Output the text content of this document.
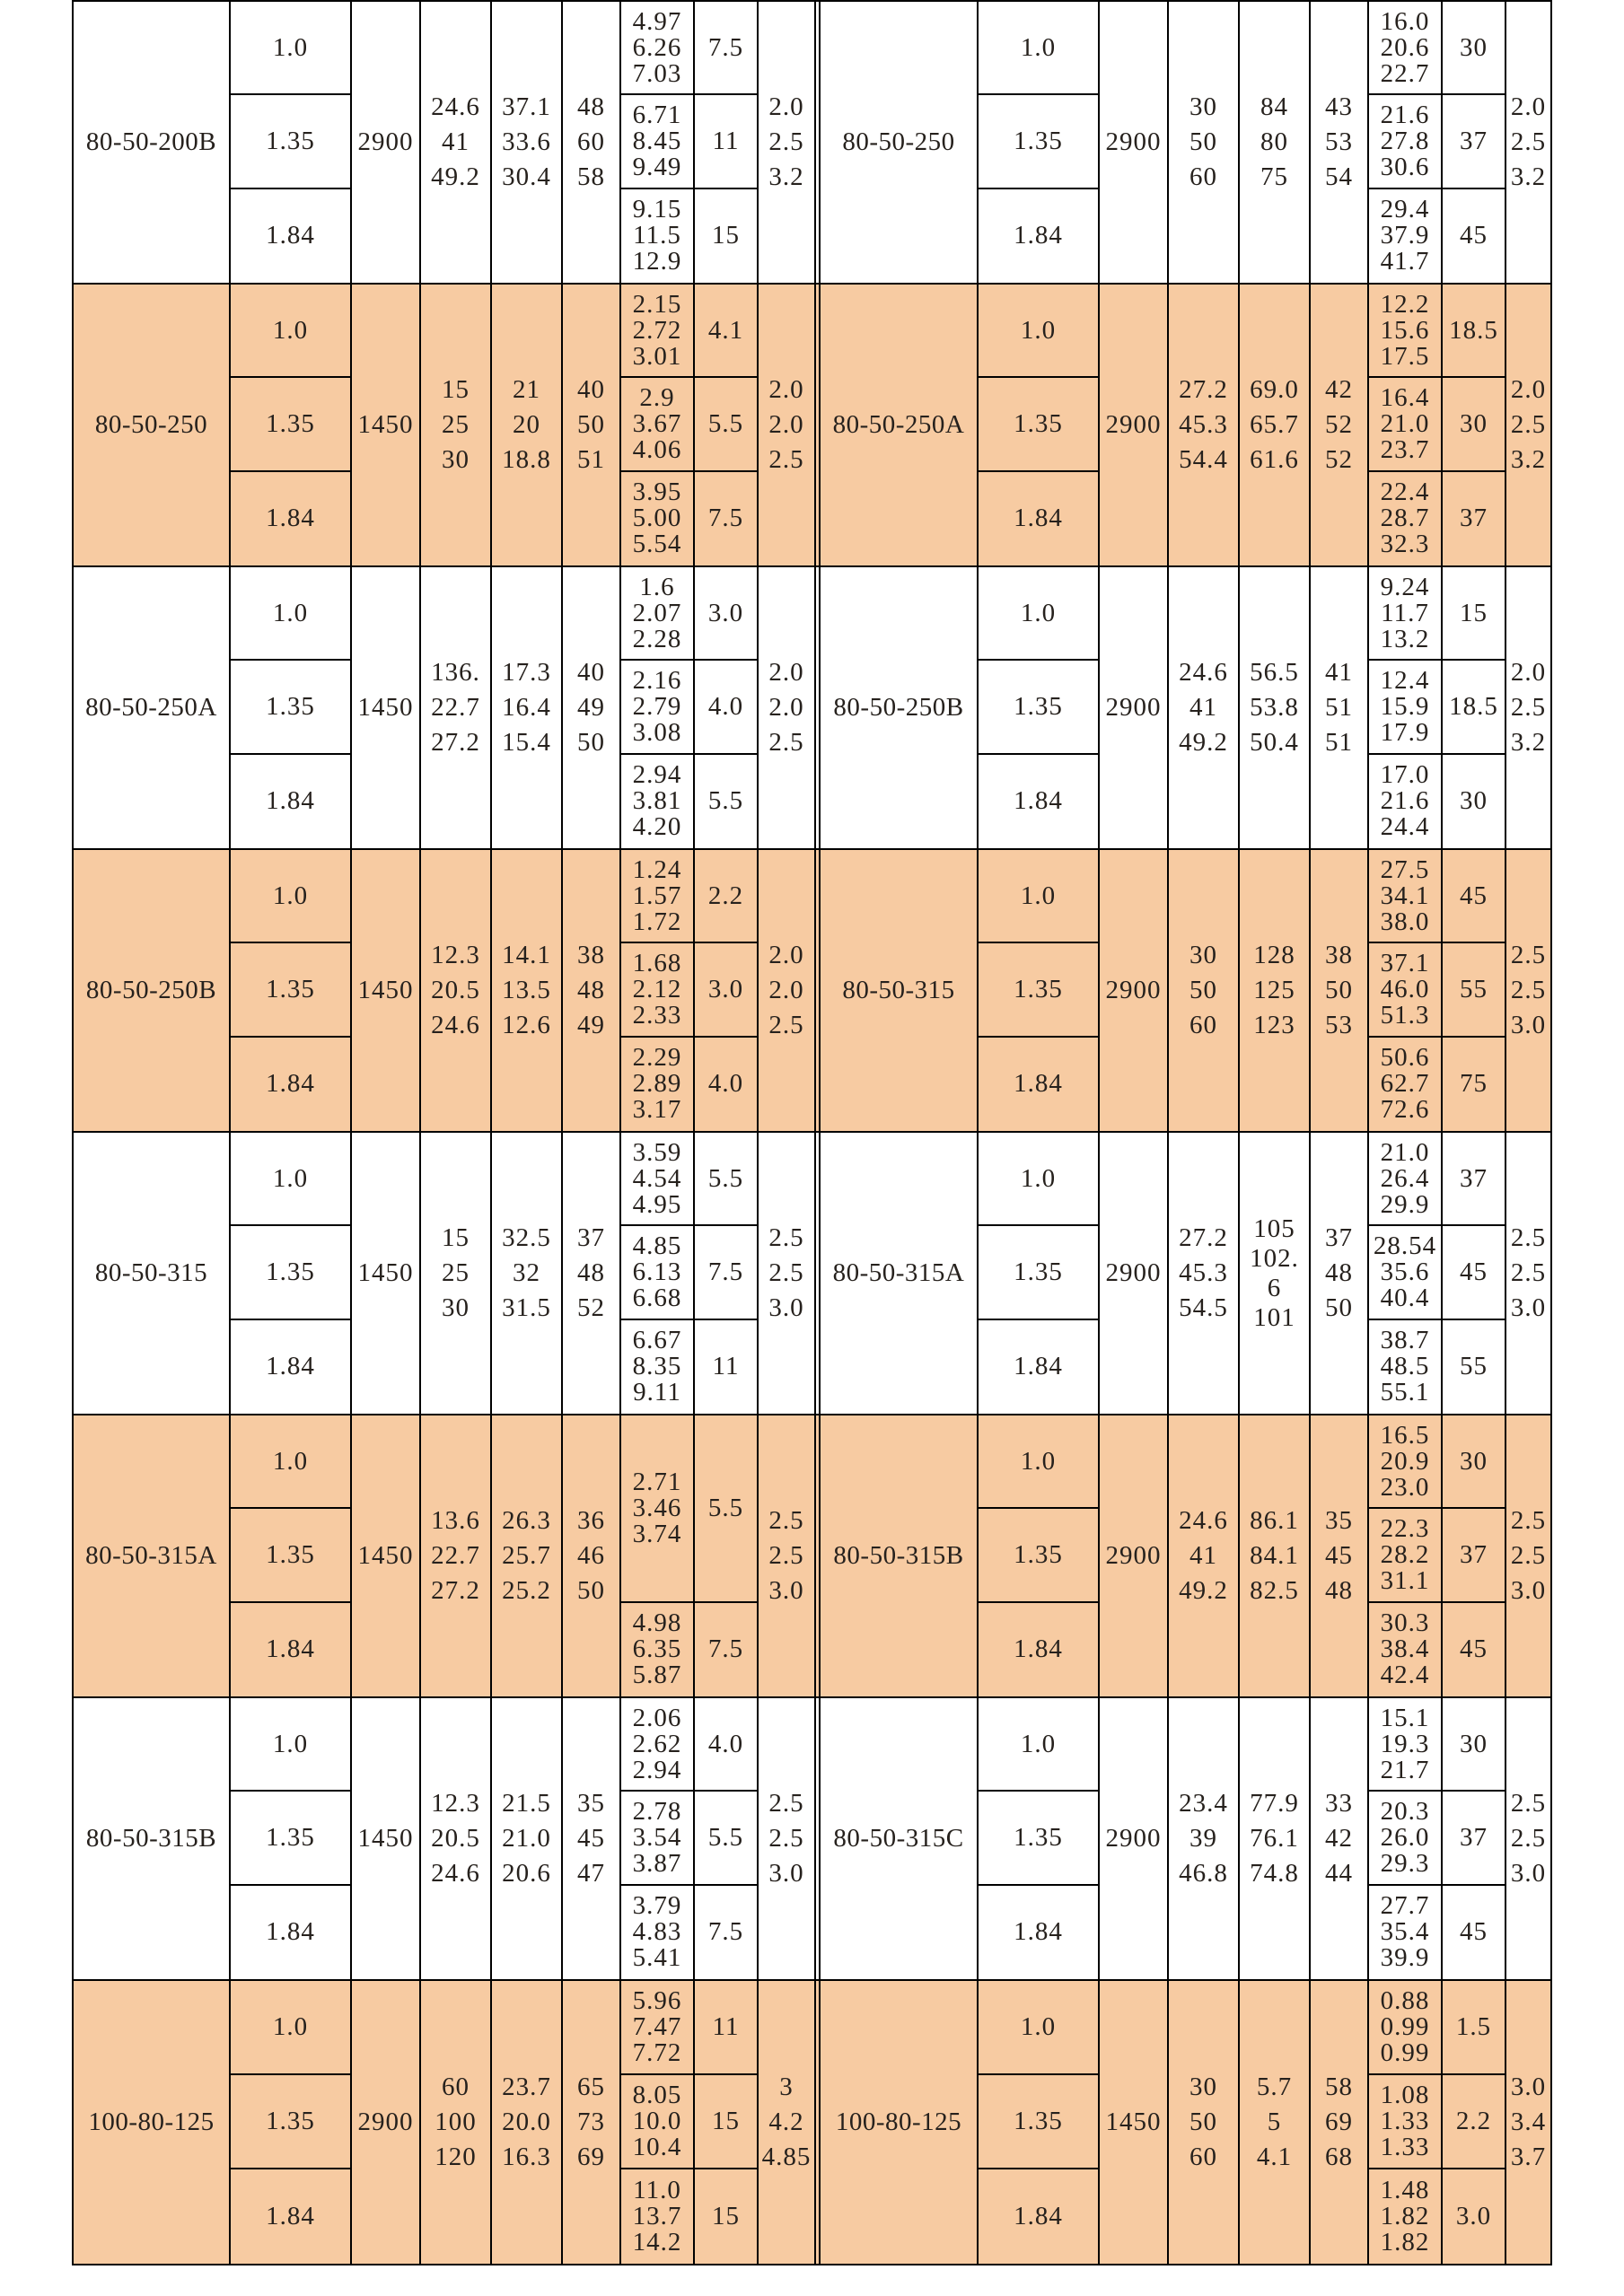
80-50-200B
1.0
1.35
1.84
2900
24.6
41
49.2
37.1
33.6
30.4
48
60
58
4.97
6.26
7.03
7.5
6.71
8.45
9.49
11
9.15
11.5
12.9
15
2.0
2.5
3.2
80-50-250
1.0
1.35
1.84
2900
30
50
60
84
80
75
43
53
54
16.0
20.6
22.7
30
21.6
27.8
30.6
37
29.4
37.9
41.7
45
2.0
2.5
3.2
80-50-250
1.0
1.35
1.84
1450
15
25
30
21
20
18.8
40
50
51
2.15
2.72
3.01
4.1
2.9
3.67
4.06
5.5
3.95
5.00
5.54
7.5
2.0
2.0
2.5
80-50-250A
1.0
1.35
1.84
2900
27.2
45.3
54.4
69.0
65.7
61.6
42
52
52
12.2
15.6
17.5
18.5
16.4
21.0
23.7
30
22.4
28.7
32.3
37
2.0
2.5
3.2
80-50-250A
1.0
1.35
1.84
1450
136.
22.7
27.2
17.3
16.4
15.4
40
49
50
1.6
2.07
2.28
3.0
2.16
2.79
3.08
4.0
2.94
3.81
4.20
5.5
2.0
2.0
2.5
80-50-250B
1.0
1.35
1.84
2900
24.6
41
49.2
56.5
53.8
50.4
41
51
51
9.24
11.7
13.2
15
12.4
15.9
17.9
18.5
17.0
21.6
24.4
30
2.0
2.5
3.2
80-50-250B
1.0
1.35
1.84
1450
12.3
20.5
24.6
14.1
13.5
12.6
38
48
49
1.24
1.57
1.72
2.2
1.68
2.12
2.33
3.0
2.29
2.89
3.17
4.0
2.0
2.0
2.5
80-50-315
1.0
1.35
1.84
2900
30
50
60
128
125
123
38
50
53
27.5
34.1
38.0
45
37.1
46.0
51.3
55
50.6
62.7
72.6
75
2.5
2.5
3.0
80-50-315
1.0
1.35
1.84
1450
15
25
30
32.5
32
31.5
37
48
52
3.59
4.54
4.95
5.5
4.85
6.13
6.68
7.5
6.67
8.35
9.11
11
2.5
2.5
3.0
80-50-315A
1.0
1.35
1.84
2900
27.2
45.3
54.5
105
102.
6
101
37
48
50
21.0
26.4
29.9
37
28.54
35.6
40.4
45
38.7
48.5
55.1
55
2.5
2.5
3.0
80-50-315A
1.0
1.35
1.84
1450
13.6
22.7
27.2
26.3
25.7
25.2
36
46
50
2.71
3.46
3.74
5.5
4.98
6.35
5.87
7.5
2.5
2.5
3.0
80-50-315B
1.0
1.35
1.84
2900
24.6
41
49.2
86.1
84.1
82.5
35
45
48
16.5
20.9
23.0
30
22.3
28.2
31.1
37
30.3
38.4
42.4
45
2.5
2.5
3.0
80-50-315B
1.0
1.35
1.84
1450
12.3
20.5
24.6
21.5
21.0
20.6
35
45
47
2.06
2.62
2.94
4.0
2.78
3.54
3.87
5.5
3.79
4.83
5.41
7.5
2.5
2.5
3.0
80-50-315C
1.0
1.35
1.84
2900
23.4
39
46.8
77.9
76.1
74.8
33
42
44
15.1
19.3
21.7
30
20.3
26.0
29.3
37
27.7
35.4
39.9
45
2.5
2.5
3.0
100-80-125
1.0
1.35
1.84
2900
60
100
120
23.7
20.0
16.3
65
73
69
5.96
7.47
7.72
11
8.05
10.0
10.4
15
11.0
13.7
14.2
15
3
4.2
4.85
100-80-125
1.0
1.35
1.84
1450
30
50
60
5.7
5
4.1
58
69
68
0.88
0.99
0.99
1.5
1.08
1.33
1.33
2.2
1.48
1.82
1.82
3.0
3.0
3.4
3.7
